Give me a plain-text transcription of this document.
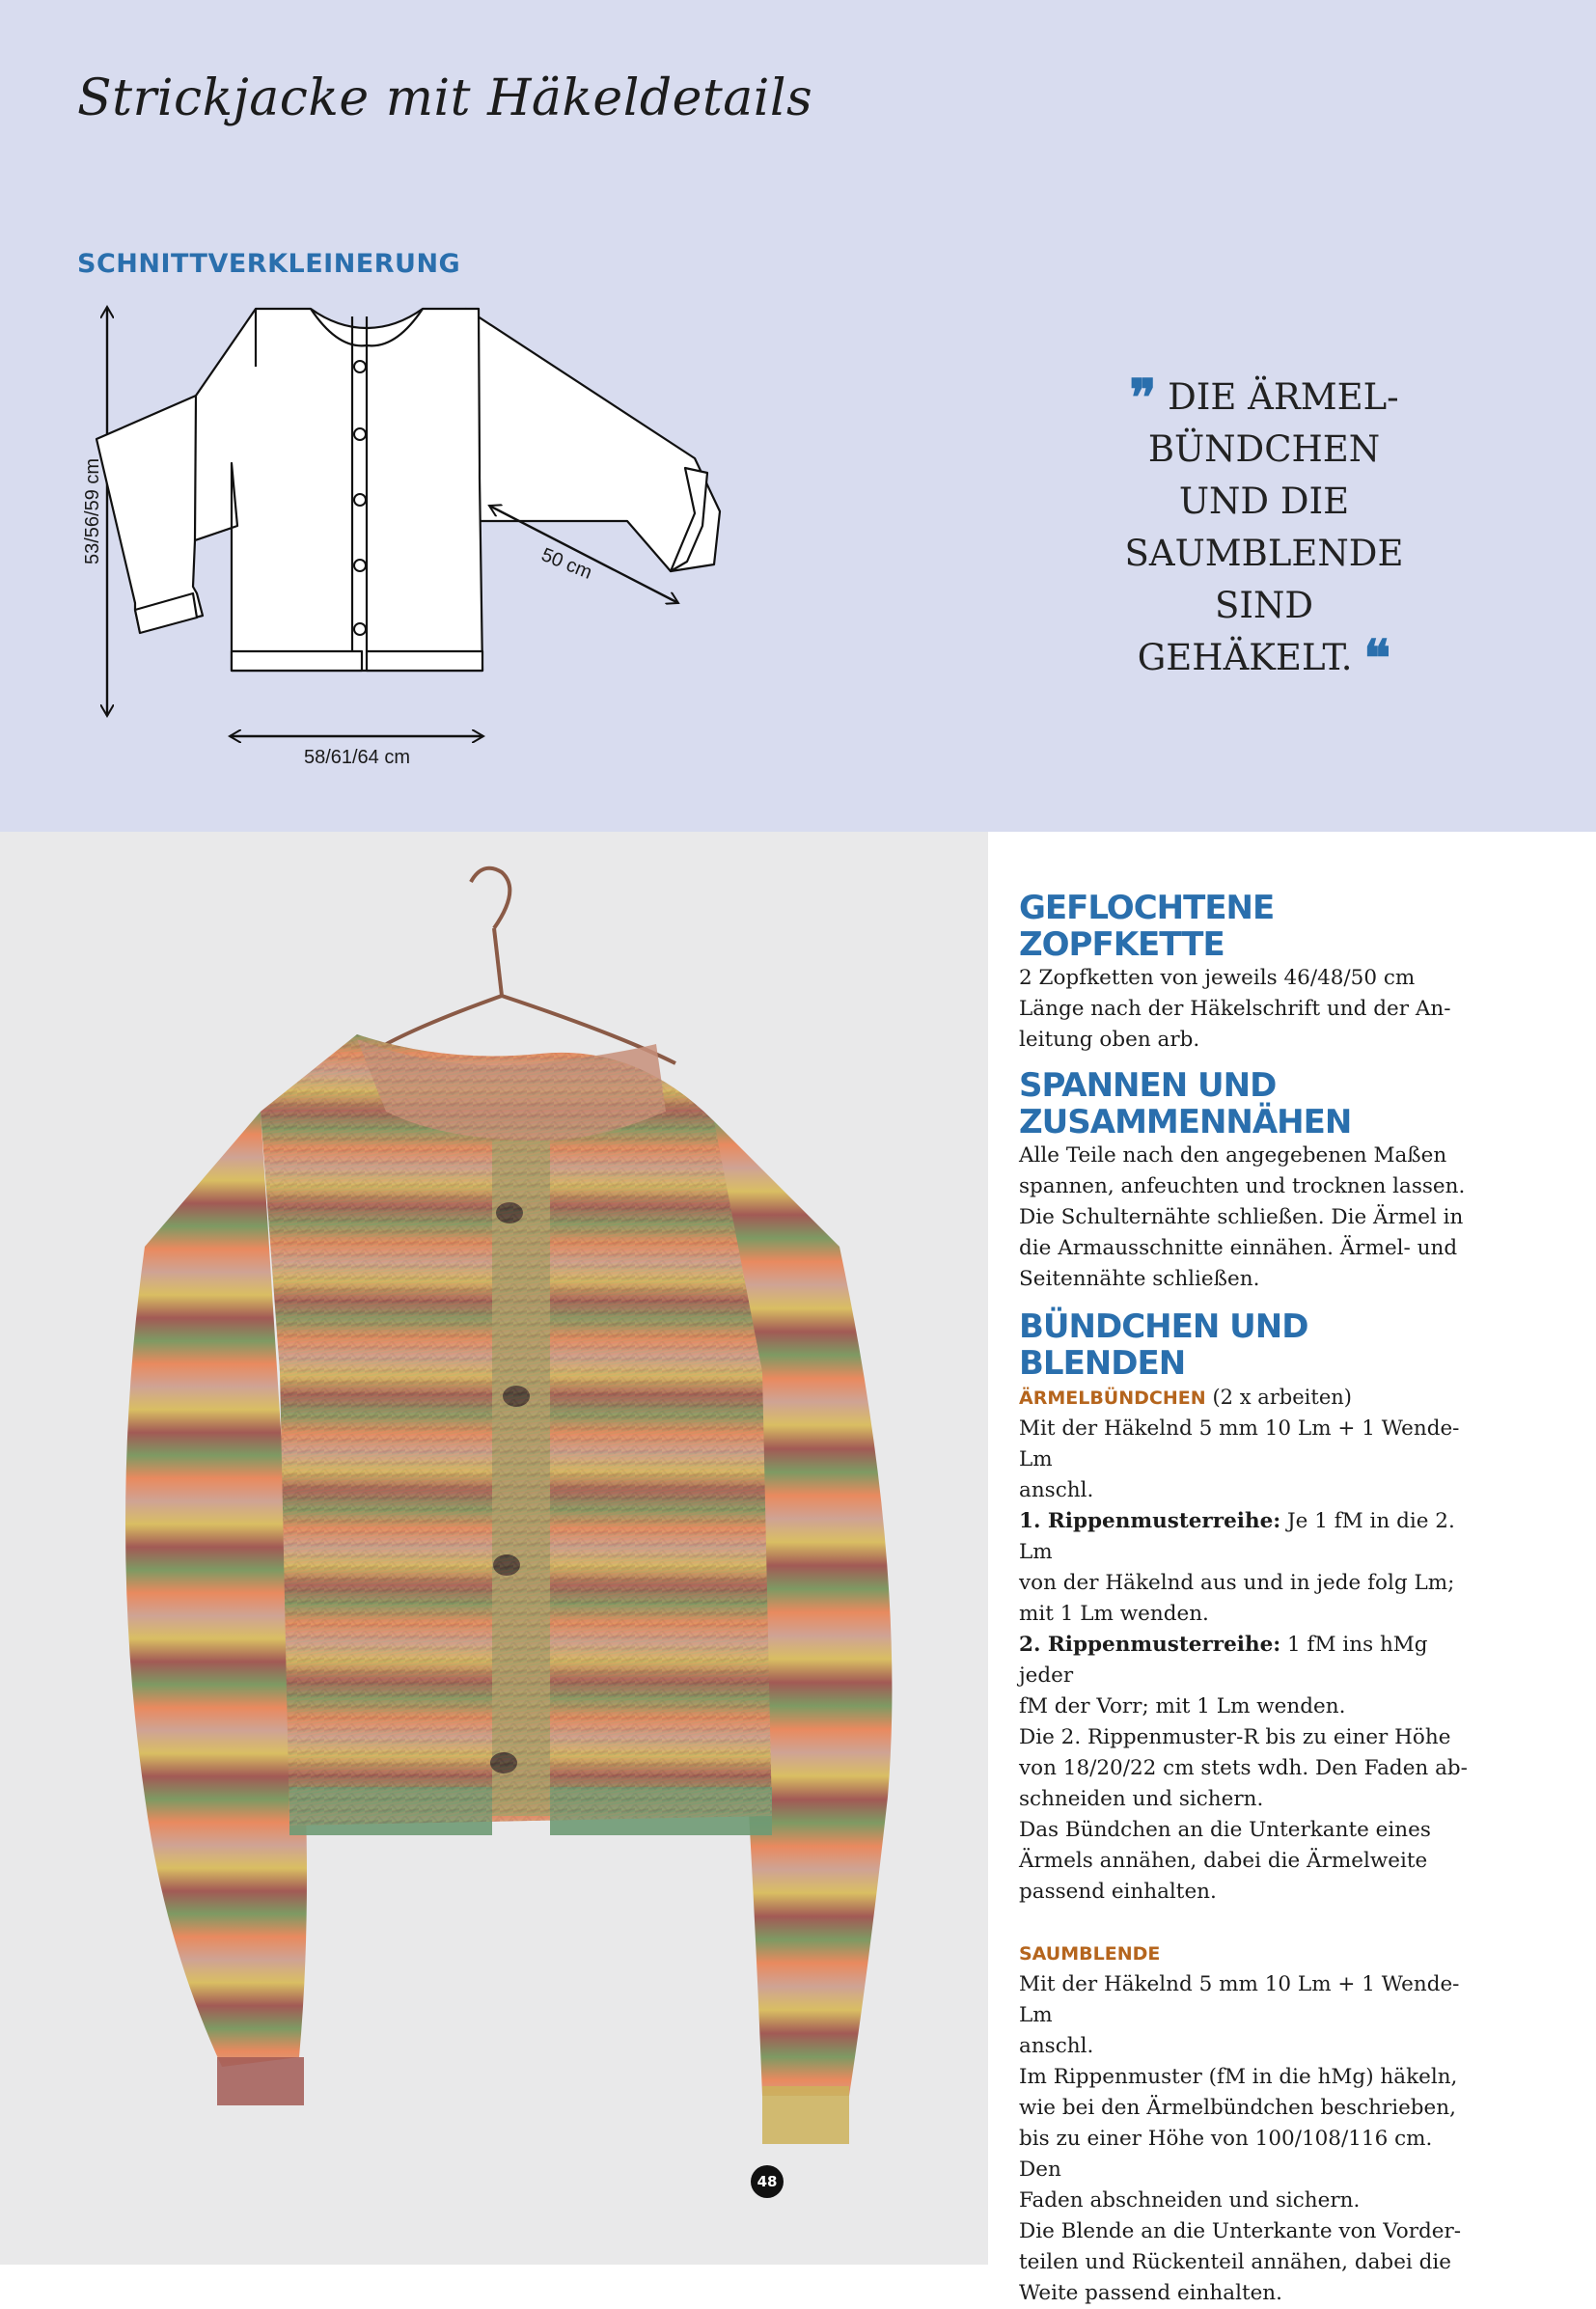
Strickjacke mit Häkeldetails
SCHNITTVERKLEINERUNG
53/56/59 cm
58/61/64 cm
50 cm
❞ DIE ÄRMEL-
BÜNDCHEN
UND DIE
SAUMBLENDE
SIND
GEHÄKELT. ❝
48
GEFLOCHTENE ZOPFKETTE

2 Zopfketten von jeweils 46/48/50 cm

Länge nach der Häkelschrift und der An-

leitung oben arb.

SPANNEN UND
ZUSAMMENNÄHEN

Alle Teile nach den angegebenen Maßen

spannen, anfeuchten und trocknen lassen.

Die Schulternähte schließen. Die Ärmel in

die Armausschnitte einnähen. Ärmel- und

Seitennähte schließen.

BÜNDCHEN UND BLENDEN

ÄRMELBÜNDCHEN (2 x arbeiten)

Mit der Häkelnd 5 mm 10 Lm + 1 Wende-Lm

anschl.

1. Rippenmusterreihe: Je 1 fM in die 2. Lm

von der Häkelnd aus und in jede folg Lm;

mit 1 Lm wenden.

2. Rippenmusterreihe: 1 fM ins hMg jeder

fM der Vorr; mit 1 Lm wenden.

Die 2. Rippenmuster-R bis zu einer Höhe

von 18/20/22 cm stets wdh. Den Faden ab-

schneiden und sichern.

Das Bündchen an die Unterkante eines

Ärmels annähen, dabei die Ärmelweite

passend einhalten.

SAUMBLENDE

Mit der Häkelnd 5 mm 10 Lm + 1 Wende-Lm

anschl.

Im Rippenmuster (fM in die hMg) häkeln,

wie bei den Ärmelbündchen beschrieben,

bis zu einer Höhe von 100/108/116 cm. Den

Faden abschneiden und sichern.

Die Blende an die Unterkante von Vorder-

teilen und Rückenteil annähen, dabei die

Weite passend einhalten.
